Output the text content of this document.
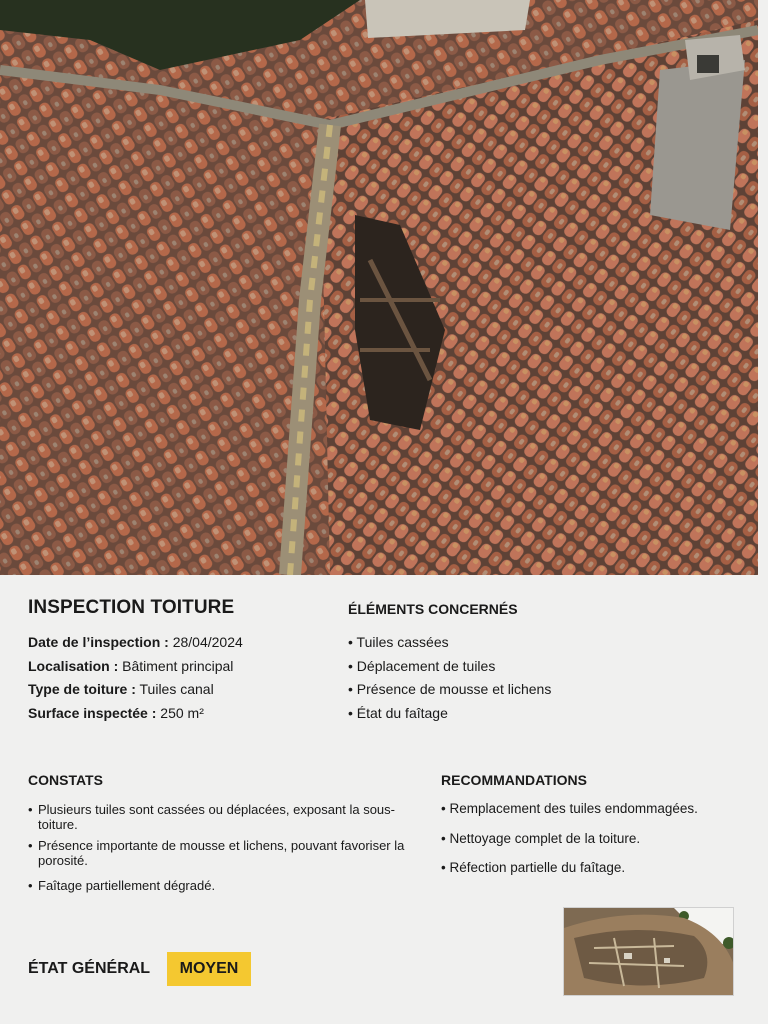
INSPECTION TOITURE
Date de l’inspection : 28/04/2024
Localisation : Bâtiment principal
Type de toiture : Tuiles canal
Surface inspectée : 250 m²
ÉLÉMENTS CONCERNÉS
• Tuiles cassées
• Déplacement de tuiles
• Présence de mousse et lichens
• État du faîtage
CONSTATS
• Plusieurs tuiles sont cassées ou déplacées, exposant la sous-toiture.
• Présence importante de mousse et lichens, pouvant favoriser la porosité.
• Faîtage partiellement dégradé.
RECOMMANDATIONS
• Remplacement des tuiles endommagées.
• Nettoyage complet de la toiture.
• Réfection partielle du faîtage.
ÉTAT GÉNÉRAL	MOYEN
